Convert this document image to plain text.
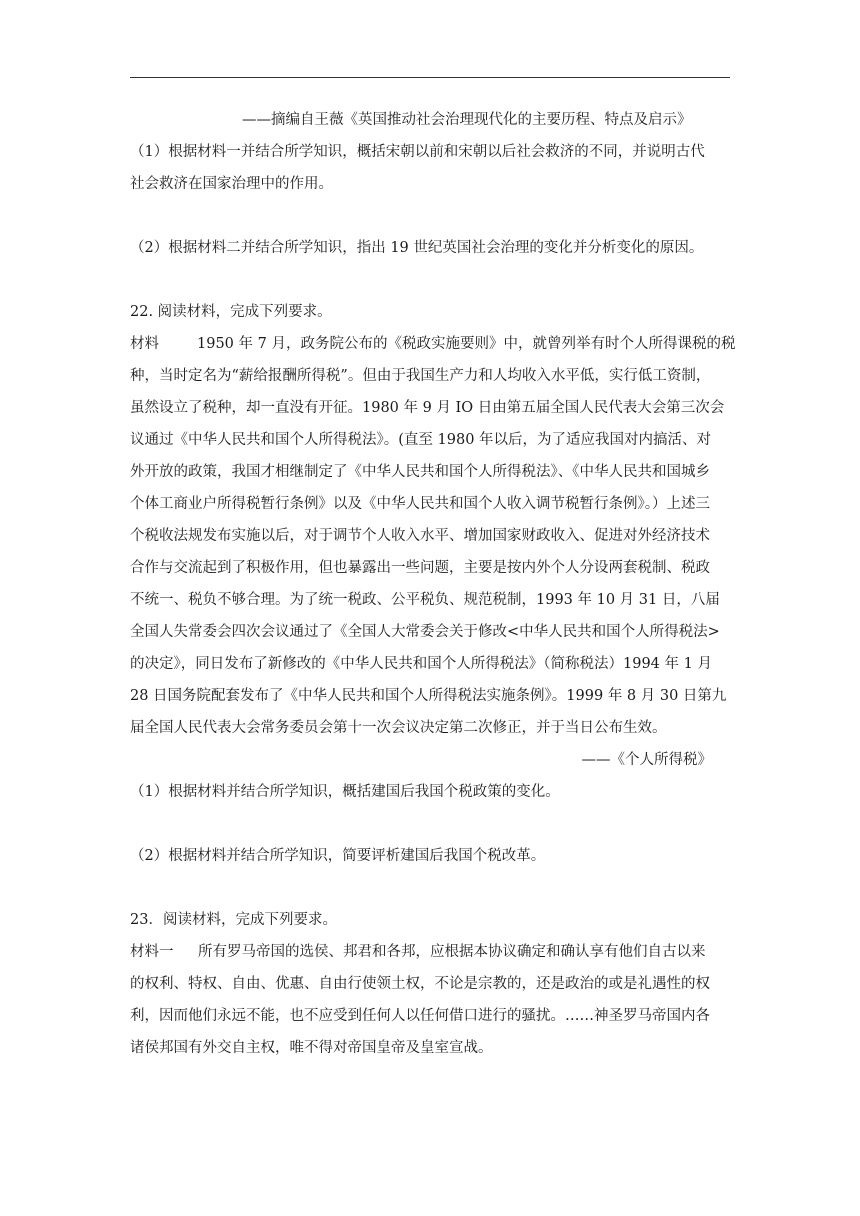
——摘编自王薇《英国推动社会治理现代化的主要历程、特点及启示》
（1）根据材料一并结合所学知识，概括宋朝以前和宋朝以后社会救济的不同，并说明古代
社会救济在国家治理中的作用。
（2）根据材料二并结合所学知识，指出 19 世纪英国社会治理的变化并分析变化的原因。
22. 阅读材料，完成下列要求。
材料	1950 年 7 月，政务院公布的《税政实施要则》中，就曾列举有时个人所得课税的税
种，当时定名为“薪给报酬所得税”。但由于我国生产力和人均收入水平低，实行低工资制，
虽然设立了税种，却一直没有开征。1980 年 9 月 IO 日由第五届全国人民代表大会第三次会
议通过《中华人民共和国个人所得税法》。(直至 1980 年以后，为了适应我国对内搞活、对
外开放的政策，我国才相继制定了《中华人民共和国个人所得税法》、《中华人民共和国城乡
个体工商业户所得税暂行条例》以及《中华人民共和国个人收入调节税暂行条例》。）上述三
个税收法规发布实施以后，对于调节个人收入水平、增加国家财政收入、促进对外经济技术
合作与交流起到了积极作用，但也暴露出一些问题，主要是按内外个人分设两套税制、税政
不统一、税负不够合理。为了统一税政、公平税负、规范税制，1993 年 10 月 31 日，八届
全国人失常委会四次会议通过了《全国人大常委会关于修改<中华人民共和国个人所得税法>
的决定》，同日发布了新修改的《中华人民共和国个人所得税法》（简称税法）1994 年 1 月
28 日国务院配套发布了《中华人民共和国个人所得税法实施条例》。1999 年 8 月 30 日第九
届全国人民代表大会常务委员会第十一次会议决定第二次修正，并于当日公布生效。
——《个人所得税》
（1）根据材料并结合所学知识，概括建国后我国个税政策的变化。
（2）根据材料并结合所学知识，简要评析建国后我国个税改革。
23．阅读材料，完成下列要求。
材料一 所有罗马帝国的选侯、邦君和各邦，应根据本协议确定和确认享有他们自古以来
的权利、特权、自由、优惠、自由行使领土权，不论是宗教的，还是政治的或是礼遇性的权
利，因而他们永远不能，也不应受到任何人以任何借口进行的骚扰。……神圣罗马帝国内各
诸侯邦国有外交自主权，唯不得对帝国皇帝及皇室宣战。
